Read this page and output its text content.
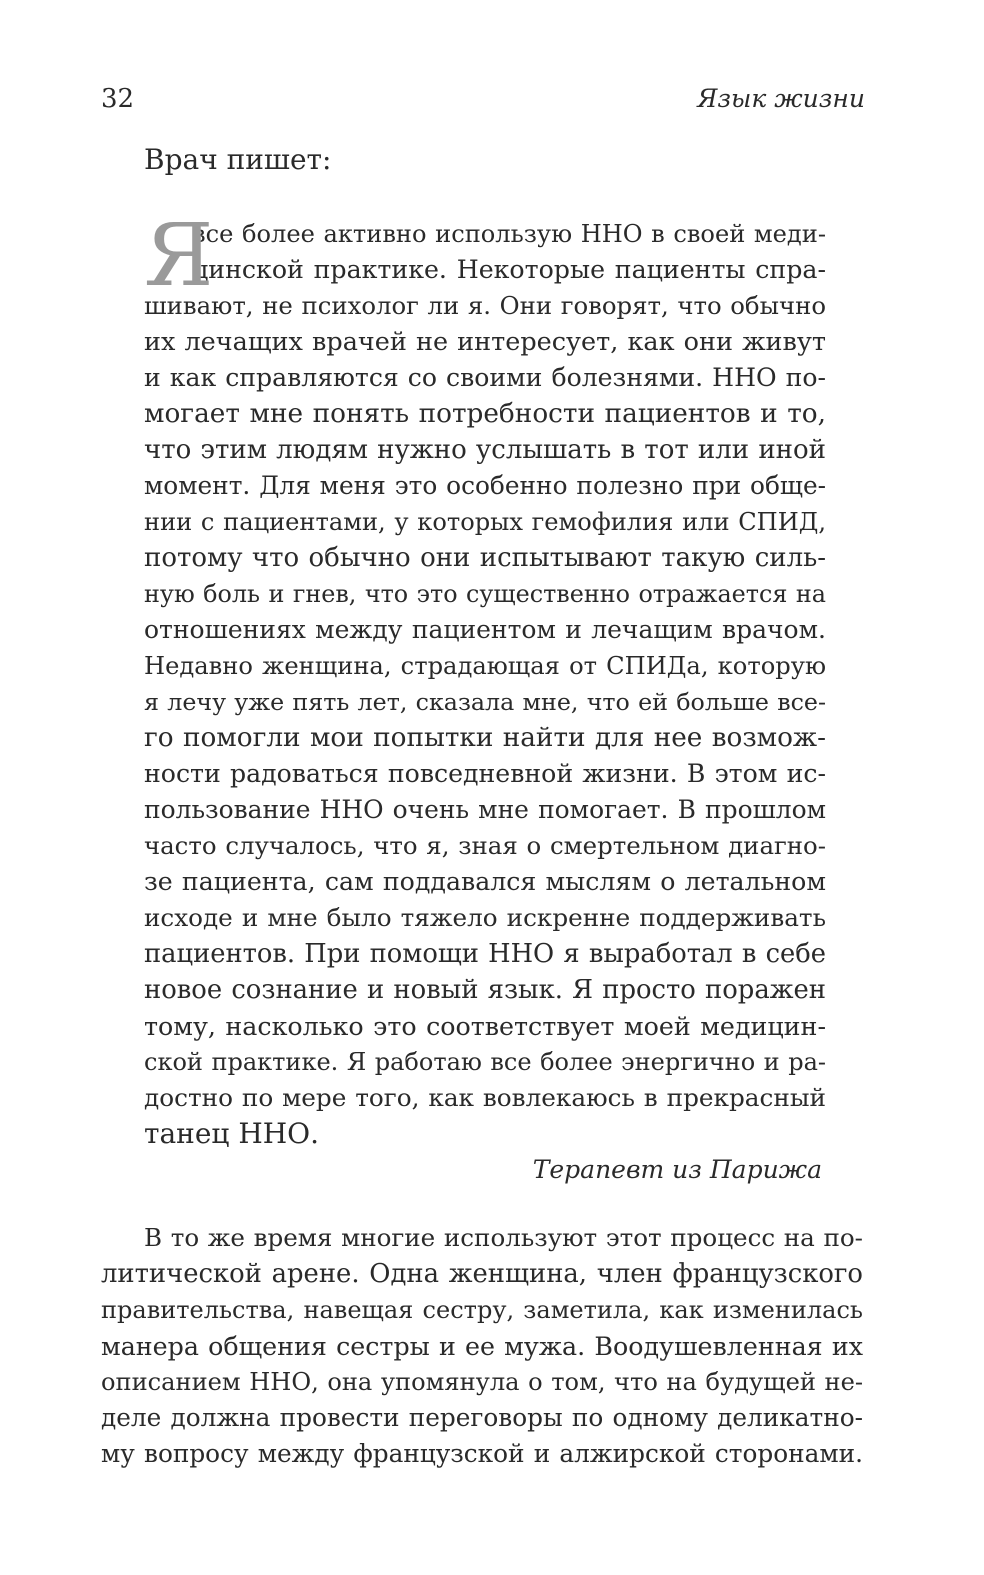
32	Язык жизни
Врач пишет:
Я
все более активно использую ННО в своей меди-
цинской практике. Некоторые пациенты спра-
шивают, не психолог ли я. Они говорят, что обычно
их лечащих врачей не интересует, как они живут
и как справляются со своими болезнями. ННО по-
могает мне понять потребности пациентов и то,
что этим людям нужно услышать в тот или иной
момент. Для меня это особенно полезно при обще-
нии с пациентами, у которых гемофилия или СПИД,
потому что обычно они испытывают такую силь-
ную боль и гнев, что это существенно отражается на
отношениях между пациентом и лечащим врачом.
Недавно женщина, страдающая от СПИДа, которую
я лечу уже пять лет, сказала мне, что ей больше все-
го помогли мои попытки найти для нее возмож-
ности радоваться повседневной жизни. В этом ис-
пользование ННО очень мне помогает. В прошлом
часто случалось, что я, зная о смертельном диагно-
зе пациента, сам поддавался мыслям о летальном
исходе и мне было тяжело искренне поддерживать
пациентов. При помощи ННО я выработал в себе
новое сознание и новый язык. Я просто поражен
тому, насколько это соответствует моей медицин-
ской практике. Я работаю все более энергично и ра-
достно по мере того, как вовлекаюсь в прекрасный
танец ННО.
Терапевт из Парижа
В то же время многие используют этот процесс на по-
литической арене. Одна женщина, член французского
правительства, навещая сестру, заметила, как изменилась
манера общения сестры и ее мужа. Воодушевленная их
описанием ННО, она упомянула о том, что на будущей не-
деле должна провести переговоры по одному деликатно-
му вопросу между французской и алжирской сторонами.
